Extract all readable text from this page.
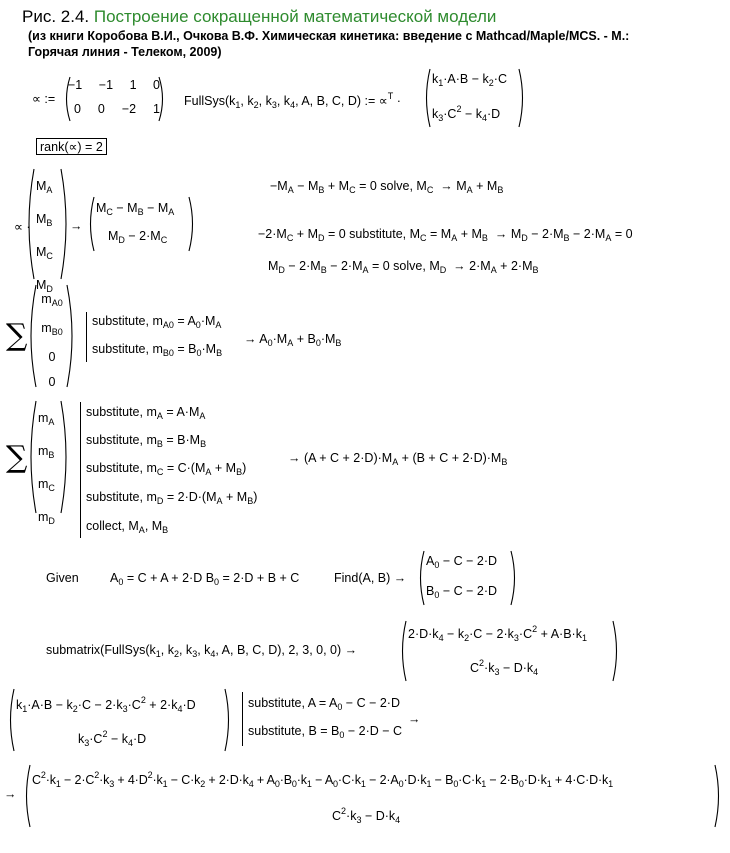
Рис. 2.4. Построение сокращенной математической модели
(из книги Коробова В.И., Очкова В.Ф. Химическая кинетика: введение с Mathcad/Maple/MCS. - М.:
Горячая линия - Телеком, 2009)
∝ :=
−1 −1 1 0
0 0 −2 1
$FullSys(k_1$, $k_2$, $k_3$, $k_4$, A, B, C, D) := ∝$^T$ ·
$k_1\cdot A\cdot B - k_2\cdot C$
$k_3\cdot C^2 - k_4\cdot D$
rank(∝) = 2
∝ ·
$M_A$
$M_B$
$M_C$
$M_D$
→
$M_C - M_B - M_A$
$M_D - 2\cdot M_C$
$-M_A - M_B + M_C = 0$ solve, $M_C \to M_A + M_B$
$-2\cdot M_C + M_D = 0$ substitute, $M_C = M_A + M_B \to M_D - 2\cdot M_B - 2\cdot M_A = 0$
$M_D - 2\cdot M_B - 2\cdot M_A = 0$ solve, $M_D \to 2\cdot M_A + 2\cdot M_B$
∑
$m_{A0}$
$m_{B0}$
0
0
substitute, $m_{A0} = A_0\cdot M_A$
substitute, $m_{B0} = B_0\cdot M_B$
→ $A_0\cdot M_A + B_0\cdot M_B$
∑
$m_A$
$m_B$
$m_C$
$m_D$
substitute, $m_A = A\cdot M_A$
substitute, $m_B = B\cdot M_B$
substitute, $m_C = C\cdot(M_A + M_B)$
substitute, $m_D = 2\cdot D\cdot(M_A + M_B)$
collect, $M_A$, $M_B$
→ $(A + C + 2\cdot D)\cdot M_A + (B + C + 2\cdot D)\cdot M_B$
Given	$A_0 = C + A + 2\cdot D$ $B_0 = 2\cdot D + B + C$	Find(A, B) →
$A_0 - C - 2\cdot D$
$B_0 - C - 2\cdot D$
$submatrix(FullSys(k_1$, $k_2$, $k_3$, $k_4$, A, B, C, D), 2, 3, 0, 0) →
$2\cdot D\cdot k_4 - k_2\cdot C - 2\cdot k_3\cdot C^2 + A\cdot B\cdot k_1$
$C^2\cdot k_3 - D\cdot k_4$
$k_1\cdot A\cdot B - k_2\cdot C - 2\cdot k_3\cdot C^2 + 2\cdot k_4\cdot D$
$k_3\cdot C^2 - k_4\cdot D$
substitute, $A = A_0 - C - 2\cdot D$
substitute, $B = B_0 - 2\cdot D - C$
→
→
$C^2\cdot k_1 - 2\cdot C^2\cdot k_3 + 4\cdot D^2\cdot k_1 - C\cdot k_2 + 2\cdot D\cdot k_4 + A_0\cdot B_0\cdot k_1 - A_0\cdot C\cdot k_1 - 2\cdot A_0\cdot D\cdot k_1 - B_0\cdot C\cdot k_1 - 2\cdot B_0\cdot D\cdot k_1 + 4\cdot C\cdot D\cdot k_1$
$C^2\cdot k_3 - D\cdot k_4$
